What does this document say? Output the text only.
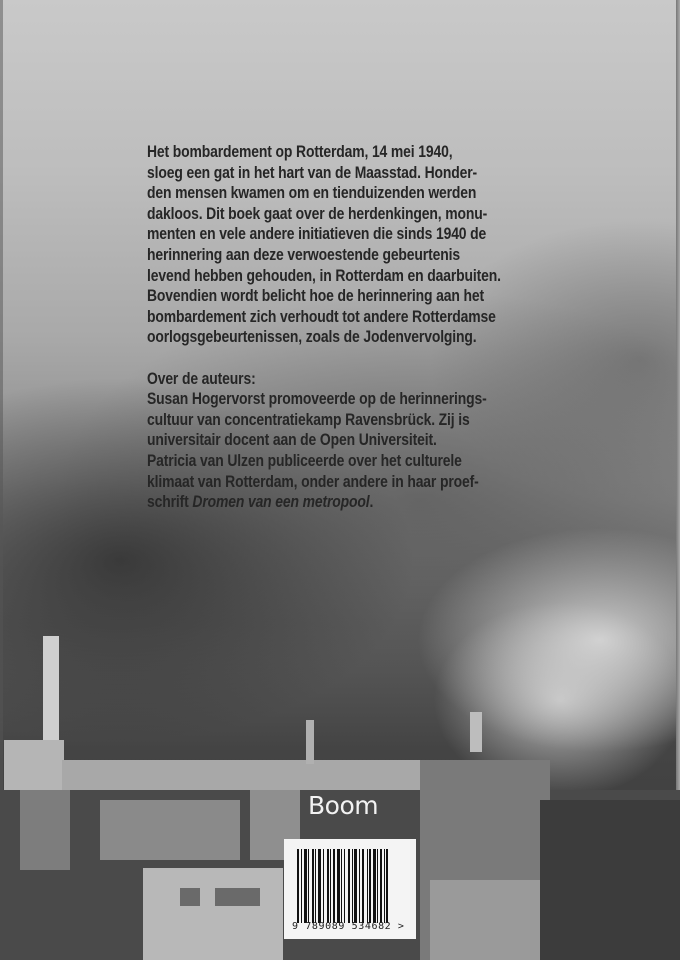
Het bombardement op Rotterdam, 14 mei 1940,

sloeg een gat in het hart van de Maasstad. Honder-

den mensen kwamen om en tienduizenden werden

dakloos. Dit boek gaat over de herdenkingen, monu-

menten en vele andere initiatieven die sinds 1940 de

herinnering aan deze verwoestende gebeurtenis

levend hebben gehouden, in Rotterdam en daarbuiten.

Bovendien wordt belicht hoe de herinnering aan het

bombardement zich verhoudt tot andere Rotterdamse

oorlogsgebeurtenissen, zoals de Jodenvervolging.

Over de auteurs:

Susan Hogervorst promoveerde op de herinnerings-

cultuur van concentratiekamp Ravensbrück. Zij is

universitair docent aan de Open Universiteit.

Patricia van Ulzen publiceerde over het culturele

klimaat van Rotterdam, onder andere in haar proef-

schrift Dromen van een metropool.

Boom
9 789089 534682 >
